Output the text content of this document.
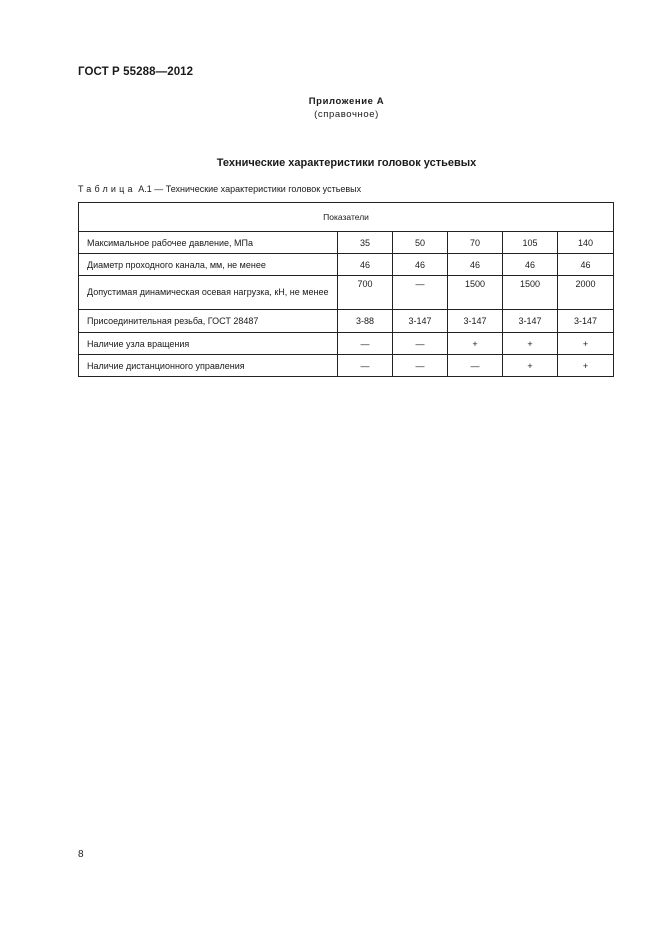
ГОСТ Р 55288—2012
Приложение А
(справочное)
Технические характеристики головок устьевых
Таблица А.1 — Технические характеристики головок устьевых
Показатели					
Максимальное рабочее давление, МПа	35	50	70	105	140
Диаметр проходного канала, мм, не менее	46	46	46	46	46
Допустимая динамическая осевая нагрузка, кН, не менее	700	—	1500	1500	2000
Присоединительная резьба, ГОСТ 28487	3-88	3-147	3-147	3-147	3-147
Наличие узла вращения	—	—	+	+	+
Наличие дистанционного управления	—	—	—	+	+
8
